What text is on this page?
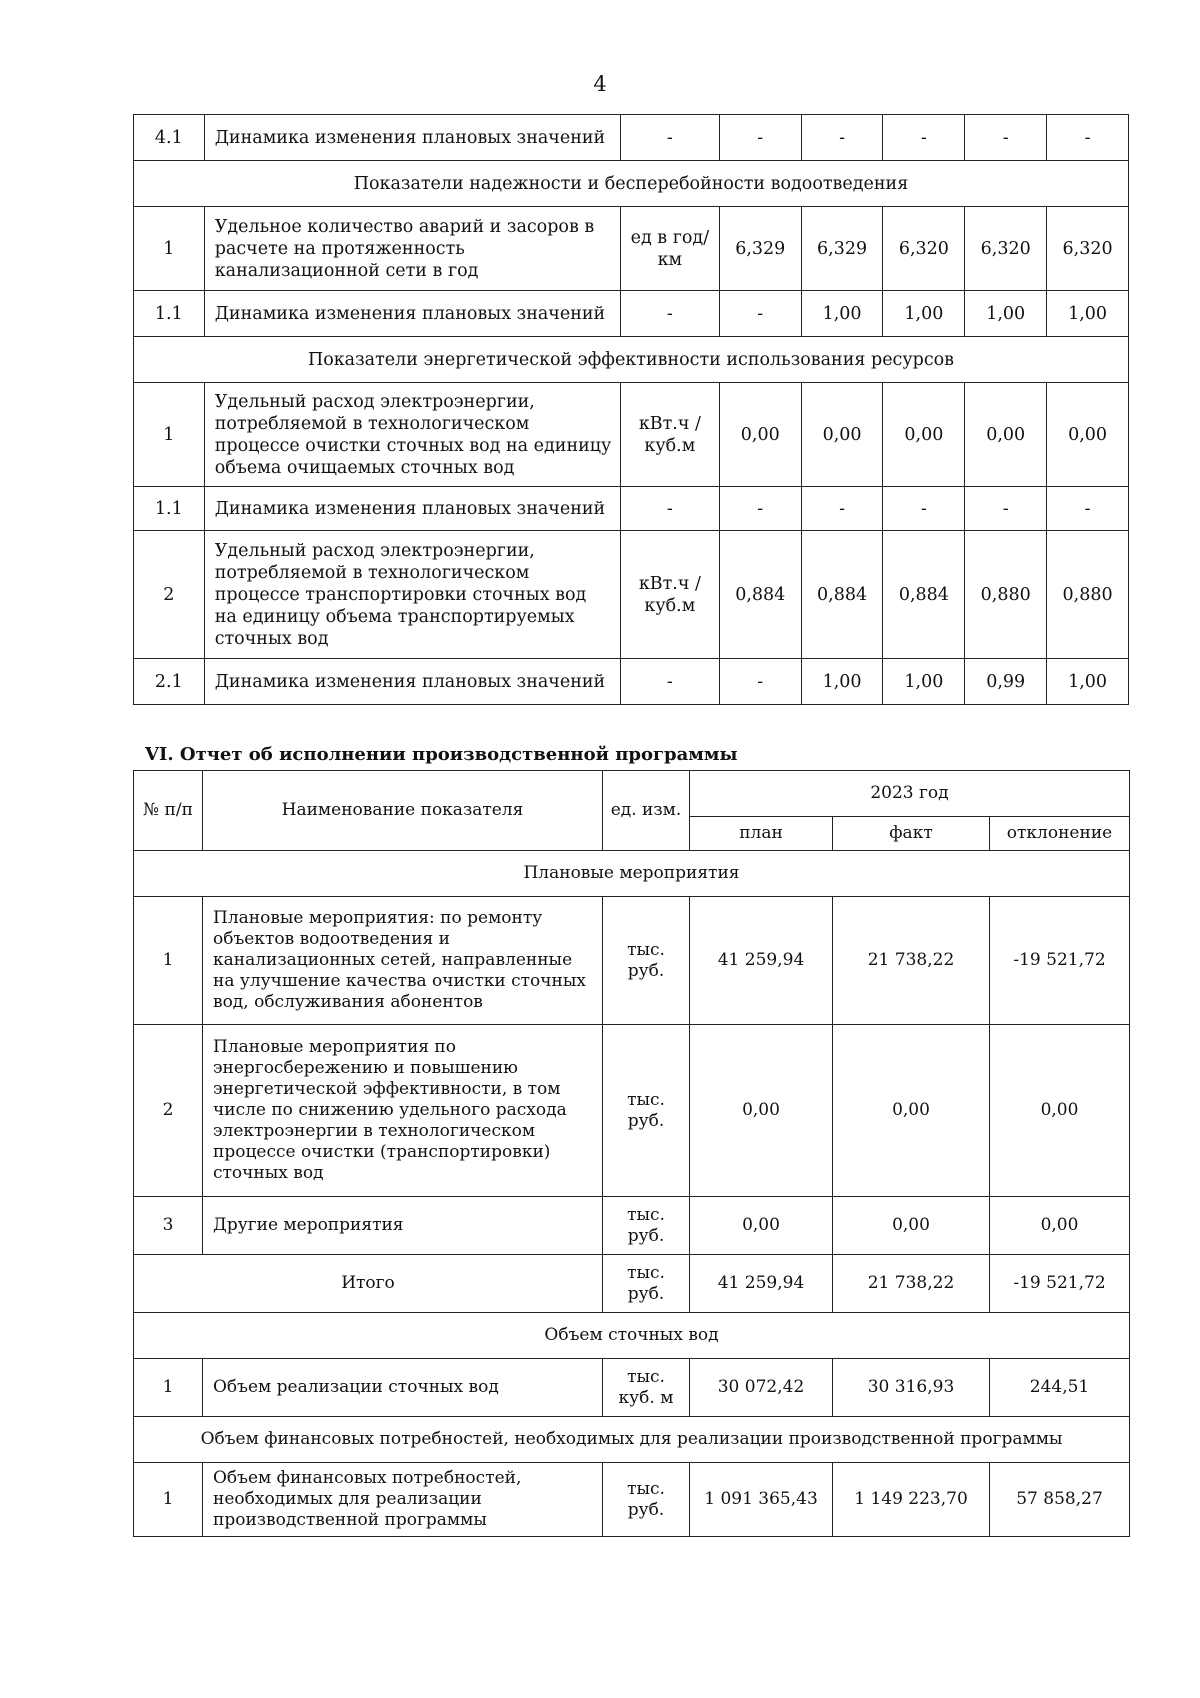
4
4.1	Динамика изменения плановых значений	-	-	-	-	-	-
Показатели надежности и бесперебойности водоотведения							
1	Удельное количество аварий и засоров в расчете на протяженность канализационной сети в год	ед в год/ км	6,329	6,329	6,320	6,320	6,320
1.1	Динамика изменения плановых значений	-	-	1,00	1,00	1,00	1,00
Показатели энергетической эффективности использования ресурсов							
1	Удельный расход электроэнергии, потребляемой в технологическом процессе очистки сточных вод на единицу объема очищаемых сточных вод	кВт.ч / куб.м	0,00	0,00	0,00	0,00	0,00
1.1	Динамика изменения плановых значений	-	-	-	-	-	-
2	Удельный расход электроэнергии, потребляемой в технологическом процессе транспортировки сточных вод на единицу объема транспортируемых сточных вод	кВт.ч / куб.м	0,884	0,884	0,884	0,880	0,880
2.1	Динамика изменения плановых значений	-	-	1,00	1,00	0,99	1,00
VI. Отчет об исполнении производственной программы
№ п/п	Наименование показателя	ед. изм.	2023 год		
			план	факт	отклонение
Плановые мероприятия					
1	Плановые мероприятия: по ремонту объектов водоотведения и канализационных сетей, направленные на улучшение качества очистки сточных вод, обслуживания абонентов	тыс. руб.	41 259,94	21 738,22	-19 521,72
2	Плановые мероприятия по энергосбережению и повышению энергетической эффективности, в том числе по снижению удельного расхода электроэнергии в технологическом процессе очистки (транспортировки) сточных вод	тыс. руб.	0,00	0,00	0,00
3	Другие мероприятия	тыс. руб.	0,00	0,00	0,00
Итого		тыс. руб.	41 259,94	21 738,22	-19 521,72
Объем сточных вод					
1	Объем реализации сточных вод	тыс. куб. м	30 072,42	30 316,93	244,51
Объем финансовых потребностей, необходимых для реализации производственной программы					
1	Объем финансовых потребностей, необходимых для реализации производственной программы	тыс. руб.	1 091 365,43	1 149 223,70	57 858,27
